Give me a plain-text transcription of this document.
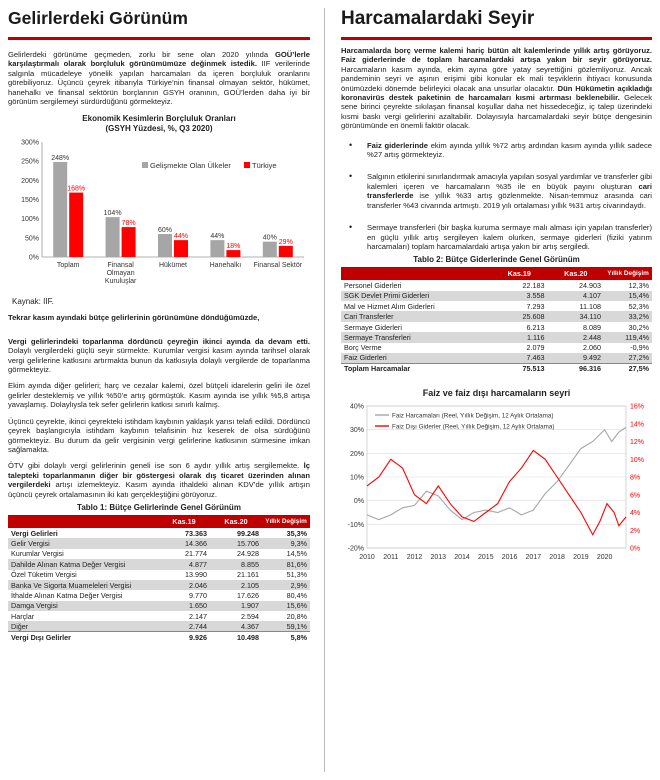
Gelirlerdeki Görünüm

Gelirlerdeki görünüme geçmeden, zorlu bir sene olan 2020 yılında GOÜ’lerle karşılaştırmalı olarak borçluluk görünümümüze değinmek istedik. IIF verilerinde salgınla mücadeleye yönelik yapılan harcamaları da içeren borçluluk oranlarını görebiliyoruz. Üçüncü çeyrek itibarıyla Türkiye’nin finansal olmayan sektör, hükümet, hanehalkı ve finansal sektörün borçlarının GSYH oranının, GOÜ’lerden daha iyi bir görünüm sergilemeyi sürdürdüğünü görmekteyiz.

Ekonomik Kesimlerin Borçluluk Oranları
(GSYH Yüzdesi, %, Q3 2020)
0%
50%
100%
150%
200%
250%
300%
248%
104%
60%
44%	40%
168%
78%
44%
18%
29%
Toplam	Finansal
Olmayan
Kuruluşlar
Hükümet	Hanehalkı Finansal Sektör
Gelişmekte Olan Ülkeler	Türkiye
Kaynak: IIF.

Tekrar kasım ayındaki bütçe gelirlerinin görünümüne döndüğümüzde,

Vergi gelirlerindeki toparlanma dördüncü çeyreğin ikinci ayında da devam etti. Dolaylı vergilerdeki güçlü seyir sürmekte. Kurumlar vergisi kasım ayında tarihsel olarak vergi gelirlerine katkısını artırmakta bunun da katkısıyla dolaylı vergilerde de toparlanma görmekteyiz.

Ekim ayında diğer gelirleri; harç ve cezalar kalemi, özel bütçeli idarelerin geliri ile özel gelirler desteklemiş ve yıllık %50’e artış görmüştük. Kasım ayında ise yıllık %5,8 artışa yavaşlamış. Dolaylıysla tek sefer gelirlerin katkısı sınırlı kalmış.

Üçüncü çeyrekte, ikinci çeyrekteki istihdam kaybının yaklaşık yarısı telafi edildi. Dördüncü çeyrek başlangıcıyla istihdam kaybının telafisinin hız keserek de olsa sürdüğünü görmekteyiz. Bu durum da gelir vergisinin vergi gelirlerine katkısının sürmesine imkan sağlamakta.

ÖTV gibi dolaylı vergi gelirlerinin geneli ise son 6 aydır yıllık artış sergilemekte. İç talepteki toparlanmanın diğer bir göstergesi olarak dış ticaret üzerinden alınan vergilerdeki artışı izlemekteyiz. Kasım ayında ithaldeki alınan KDV’de yıllık artışın üçüncü çeyrek ortalamasının iki katı gerçekleştiğini görüyoruz.

Tablo 1: Bütçe Gelirlerinde Genel Görünüm
	Kas.19	Kas.20	Yıllık Değişim
Vergi Gelirleri	73.363	99.248	35,3%
Gelir Vergisi	14.366	15.706	9,3%
Kurumlar Vergisi	21.774	24.928	14,5%
Dahilde Alınan Katma Değer Vergisi	4.877	8.855	81,6%
Özel Tüketim Vergisi	13.990	21.161	51,3%
Banka Ve Sigorta Muameleleri Vergisi	2.046	2.105	2,9%
İthalde Alınan Katma Değer Vergisi	9.770	17.626	80,4%
Damga Vergisi	1.650	1.907	15,6%
Harçlar	2.147	2.594	20,8%
Diğer	2.744	4.367	59,1%
Vergi Dışı Gelirler	9.926	10.498	5,8%
Harcamalardaki Seyir

Harcamalarda borç verme kalemi hariç bütün alt kalemlerinde yıllık artış görüyoruz. Faiz giderlerinde de toplam harcamalardaki artışa yakın bir seyir görüyoruz. Harcamaların kasım ayında, ekim ayına göre yatay seyrettiğini gözlemliyoruz. Ancak pandeminin seyri ve aşının erişimi gibi konular ek mali teşviklerin ihtiyacı konusunda önümüzdeki dönemde belirleyici olacak ana unsurlar olacaktır. Dün Hükümetin açıkladığı koronavirüs destek paketinin de harcamaları kısmi artırması beklenebilir. Gelecek sene birinci çeyrekte sıkılaşan finansal koşullar daha net hissedeceğiz, iç talep üzerindeki kısmi baskı vergi gelirlerini azaltabilir. Dolayısıyla harcamalardaki seyir bütçe dengesinin görünümünde en önemli faktör olacak.

• Faiz giderlerinde ekim ayında yıllık %72 artış ardından kasım ayında yıllık sadece %27 artış görmekteyiz.
• Salgının etkilerini sınırlandırmak amacıyla yapılan sosyal yardımlar ve transferler gibi kalemleri içeren ve harcamaların %35 ile en büyük payını oluşturan cari transferlerde ise yıllık %33 artış gözlenmekte. Nisan-temmuz arasında cari transferler %43 civarında artmıştı. 2019 yılı ortalaması yıllık %31 artış civarındaydı.
• Sermaye transferleri (bir başka kuruma sermaye malı alması için yapılan transferler) en güçlü yıllık artış sergileyen kalem olurken, sermaye giderleri (fiziki yatırım harcamaları) toplam harcamalardaki artışa yakın bir artış sergiledi.
Tablo 2: Bütçe Giderlerinde Genel Görünüm
	Kas.19	Kas.20	Yıllık Değişim
Personel Giderleri	22.183	24.903	12,3%
SGK Devlet Primi Giderleri	3.558	4.107	15,4%
Mal ve Hizmet Alım Giderleri	7.293	11.108	52,3%
Cari Transferler	25.608	34.110	33,2%
Sermaye Giderleri	6.213	8.089	30,2%
Sermaye Transferleri	1.116	2.448	119,4%
Borç Verme	2.079	2.060	-0,9%
Faiz Giderleri	7.463	9.492	27,2%
Toplam Harcamalar	75.513	96.316	27,5%
Faiz ve faiz dışı harcamaların seyri
-20%
-10%
0%
10%
20%
30%
40%
0%
2%
4%
6%
8%
10%
12%
14%
16%
2010 2011 2012 2013 2014 2015 2016 2017 2018 2019 2020
Faiz Harcamaları (Reel, Yıllık Değişim, 12 Aylık Ortalama)
Faiz Dışı Giderler (Reel, Yıllık Değişim, 12 Aylık Ortalama)
